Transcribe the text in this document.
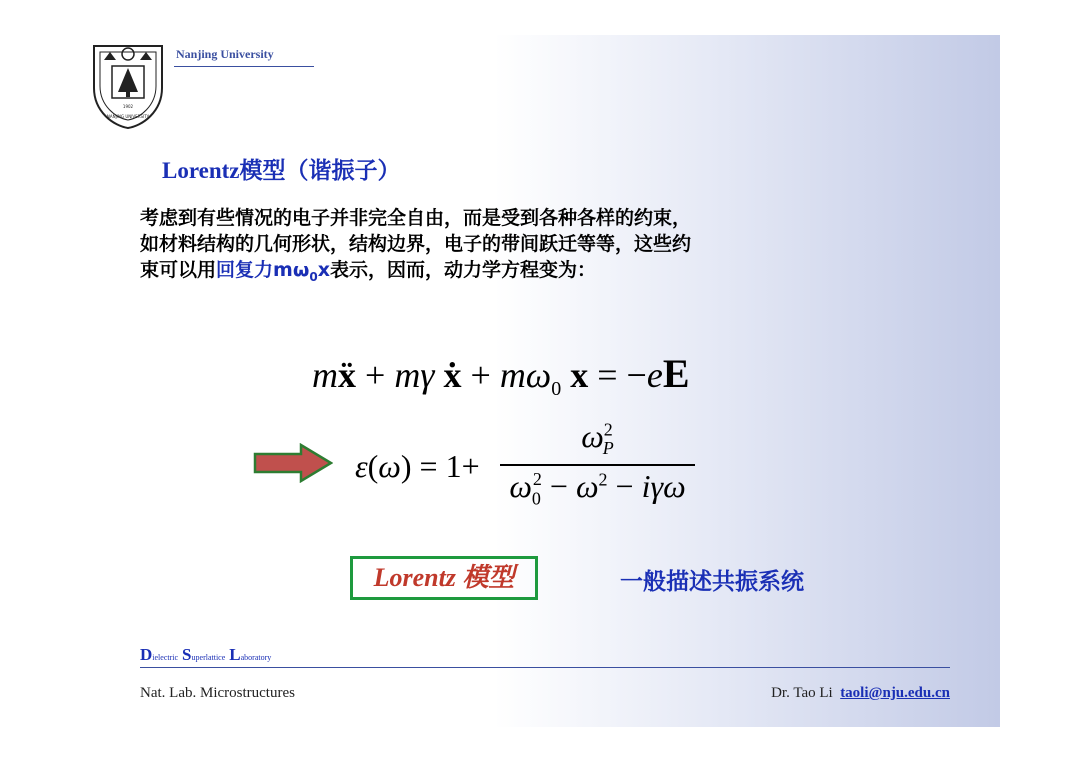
1902
NANJING UNIVERSITY
Nanjing University
Lorentz模型（谐振子）
考虑到有些情况的电子并非完全自由，而是受到各种各样的约束，
如材料结构的几何形状，结构边界，电子的带间跃迁等等，这些约
束可以用回复力$m\omega_0x$表示，因而，动力学方程变为：
mẍ + mγ ẋ + $m\omega_0$ x = −eE
ε(ω) = 1+
$\omega^2_P$
$\omega_0^2 - \omega^2 - i\gamma\omega$
Lorentz 模型	一般描述共振系统
Dielectric Superlattice Laboratory
Nat. Lab. Microstructures	Dr. Tao Li taoli@nju.edu.cn
